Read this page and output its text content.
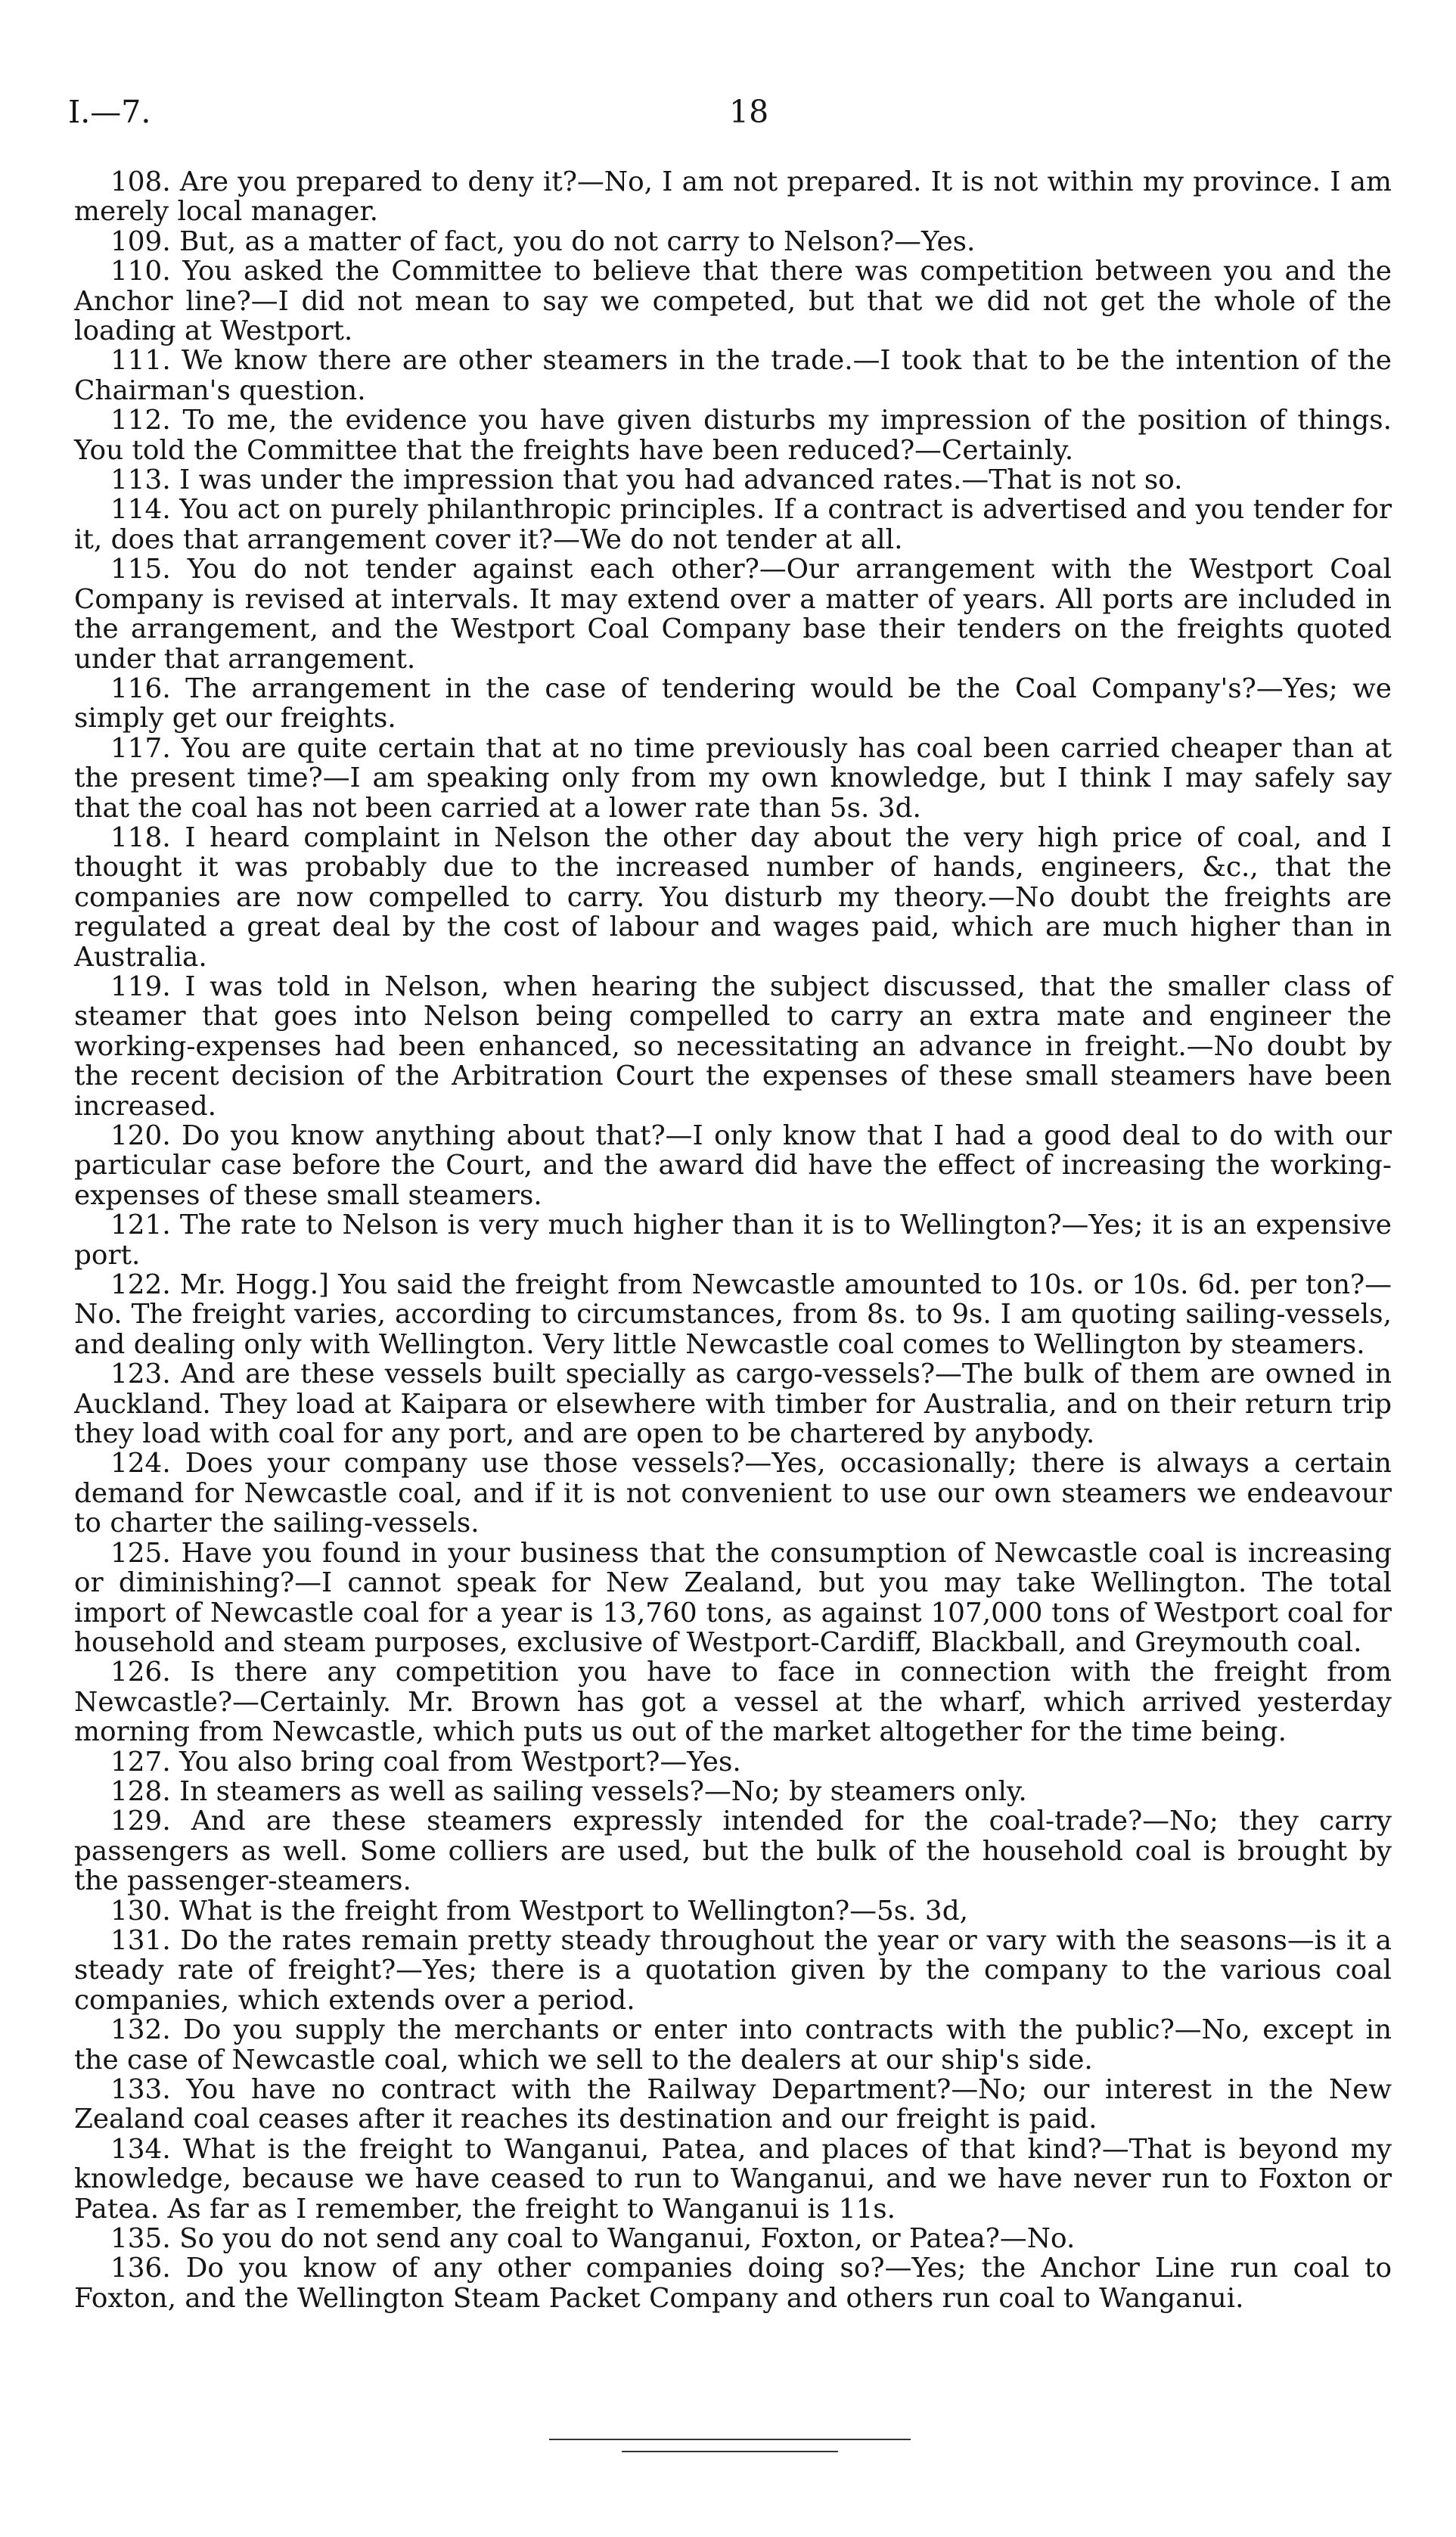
I.—7.	18

108. Are you prepared to deny it?—No, I am not prepared. It is not within my province. I am merely local manager.

109. But, as a matter of fact, you do not carry to Nelson?—Yes.

110. You asked the Committee to believe that there was competition between you and the Anchor line?—I did not mean to say we competed, but that we did not get the whole of the loading at Westport.

111. We know there are other steamers in the trade.—I took that to be the intention of the Chairman's question.

112. To me, the evidence you have given disturbs my impression of the position of things. You told the Committee that the freights have been reduced?—Certainly.

113. I was under the impression that you had advanced rates.—That is not so.

114. You act on purely philanthropic principles. If a contract is advertised and you tender for it, does that arrangement cover it?—We do not tender at all.

115. You do not tender against each other?—Our arrangement with the Westport Coal Company is revised at intervals. It may extend over a matter of years. All ports are included in the arrangement, and the Westport Coal Company base their tenders on the freights quoted under that arrangement.

116. The arrangement in the case of tendering would be the Coal Company's?—Yes; we simply get our freights.

117. You are quite certain that at no time previously has coal been carried cheaper than at the present time?—I am speaking only from my own knowledge, but I think I may safely say that the coal has not been carried at a lower rate than 5s. 3d.

118. I heard complaint in Nelson the other day about the very high price of coal, and I thought it was probably due to the increased number of hands, engineers, &c., that the companies are now compelled to carry. You disturb my theory.—No doubt the freights are regulated a great deal by the cost of labour and wages paid, which are much higher than in Australia.

119. I was told in Nelson, when hearing the subject discussed, that the smaller class of steamer that goes into Nelson being compelled to carry an extra mate and engineer the working-expenses had been enhanced, so necessitating an advance in freight.—No doubt by the recent decision of the Arbitration Court the expenses of these small steamers have been increased.

120. Do you know anything about that?—I only know that I had a good deal to do with our particular case before the Court, and the award did have the effect of increasing the working-expenses of these small steamers.

121. The rate to Nelson is very much higher than it is to Wellington?—Yes; it is an expensive port.

122. Mr. Hogg.] You said the freight from Newcastle amounted to 10s. or 10s. 6d. per ton?—No. The freight varies, according to circumstances, from 8s. to 9s. I am quoting sailing-vessels, and dealing only with Wellington. Very little Newcastle coal comes to Wellington by steamers.

123. And are these vessels built specially as cargo-vessels?—The bulk of them are owned in Auckland. They load at Kaipara or elsewhere with timber for Australia, and on their return trip they load with coal for any port, and are open to be chartered by anybody.

124. Does your company use those vessels?—Yes, occasionally; there is always a certain demand for Newcastle coal, and if it is not convenient to use our own steamers we endeavour to charter the sailing-vessels.

125. Have you found in your business that the consumption of Newcastle coal is increasing or diminishing?—I cannot speak for New Zealand, but you may take Wellington. The total import of Newcastle coal for a year is 13,760 tons, as against 107,000 tons of Westport coal for household and steam purposes, exclusive of Westport-Cardiff, Blackball, and Greymouth coal.

126. Is there any competition you have to face in connection with the freight from Newcastle?—Certainly. Mr. Brown has got a vessel at the wharf, which arrived yesterday morning from Newcastle, which puts us out of the market altogether for the time being.

127. You also bring coal from Westport?—Yes.

128. In steamers as well as sailing vessels?—No; by steamers only.

129. And are these steamers expressly intended for the coal-trade?—No; they carry passengers as well. Some colliers are used, but the bulk of the household coal is brought by the passenger-steamers.

130. What is the freight from Westport to Wellington?—5s. 3d,

131. Do the rates remain pretty steady throughout the year or vary with the seasons—is it a steady rate of freight?—Yes; there is a quotation given by the company to the various coal companies, which extends over a period.

132. Do you supply the merchants or enter into contracts with the public?—No, except in the case of Newcastle coal, which we sell to the dealers at our ship's side.

133. You have no contract with the Railway Department?—No; our interest in the New Zealand coal ceases after it reaches its destination and our freight is paid.

134. What is the freight to Wanganui, Patea, and places of that kind?—That is beyond my knowledge, because we have ceased to run to Wanganui, and we have never run to Foxton or Patea. As far as I remember, the freight to Wanganui is 11s.

135. So you do not send any coal to Wanganui, Foxton, or Patea?—No.

136. Do you know of any other companies doing so?—Yes; the Anchor Line run coal to Foxton, and the Wellington Steam Packet Company and others run coal to Wanganui.
